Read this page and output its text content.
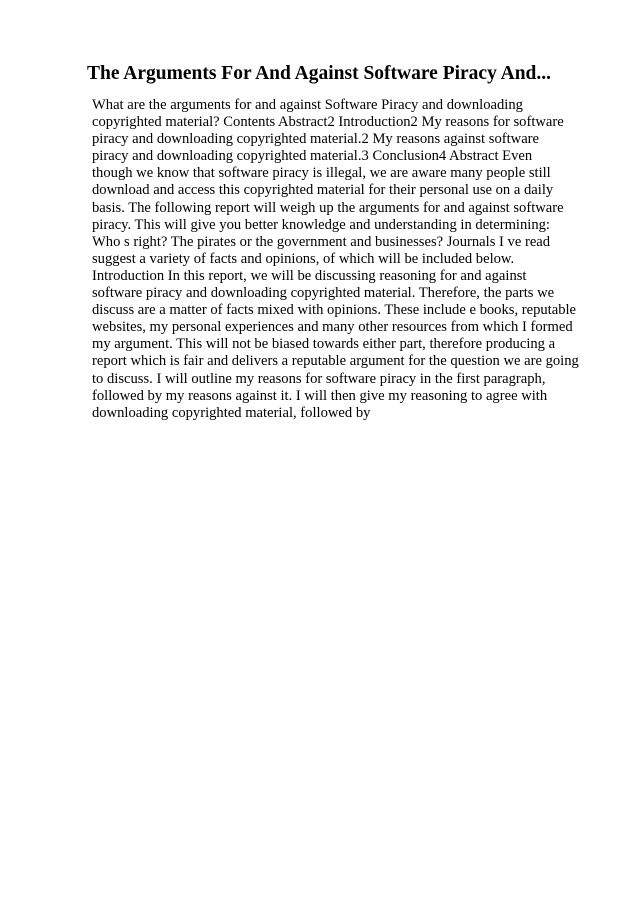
The Arguments For And Against Software Piracy And...
What are the arguments for and against Software Piracy and downloading
copyrighted material? Contents Abstract2 Introduction2 My reasons for software
piracy and downloading copyrighted material.2 My reasons against software
piracy and downloading copyrighted material.3 Conclusion4 Abstract Even
though we know that software piracy is illegal, we are aware many people still
download and access this copyrighted material for their personal use on a daily
basis. The following report will weigh up the arguments for and against software
piracy. This will give you better knowledge and understanding in determining:
Who s right? The pirates or the government and businesses? Journals I ve read
suggest a variety of facts and opinions, of which will be included below.
Introduction In this report, we will be discussing reasoning for and against
software piracy and downloading copyrighted material. Therefore, the parts we
discuss are a matter of facts mixed with opinions. These include e books, reputable
websites, my personal experiences and many other resources from which I formed
my argument. This will not be biased towards either part, therefore producing a
report which is fair and delivers a reputable argument for the question we are going
to discuss. I will outline my reasons for software piracy in the first paragraph,
followed by my reasons against it. I will then give my reasoning to agree with
downloading copyrighted material, followed by
